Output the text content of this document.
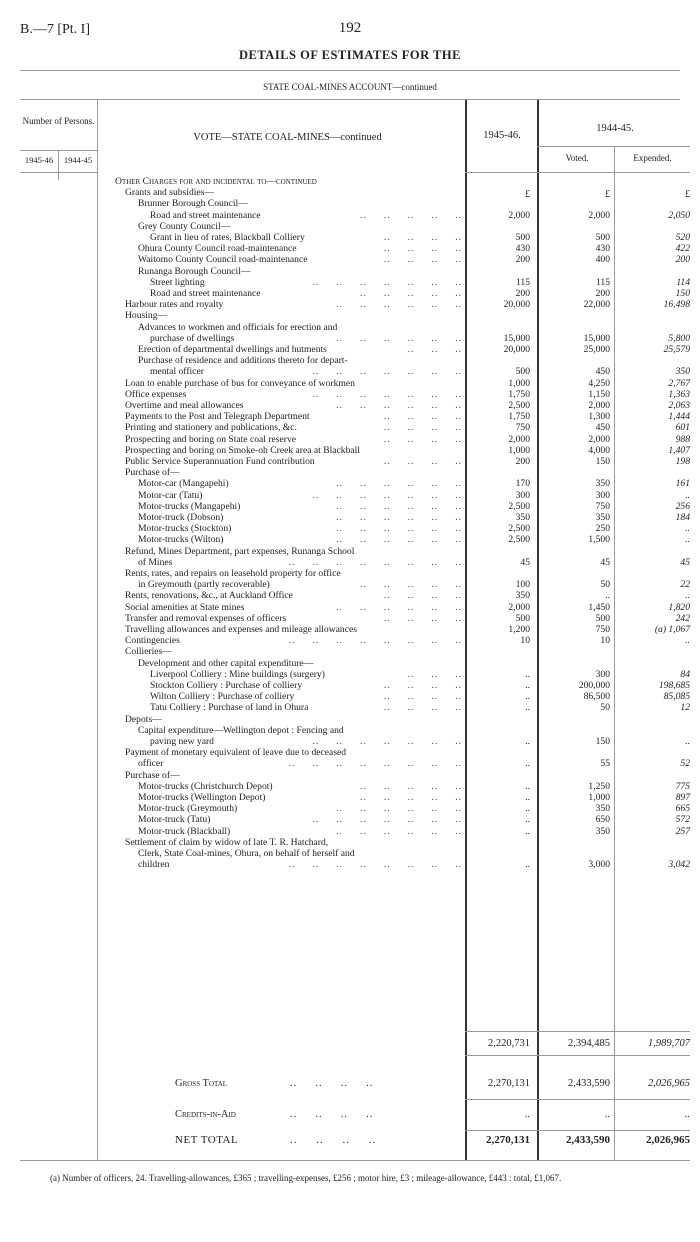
B.—7 [Pt. I]	192
DETAILS OF ESTIMATES FOR THE
STATE COAL-MINES ACCOUNT—continued
Number of Persons.
1945-46	1944-45
VOTE—STATE COAL-MINES—continued	1945-46.
1944-45.
Voted.	Expended.
£	£	£
Other Charges for and incidental to—continued
Grants and subsidies—
Brunner Borough Council—
Road and street maintenance	..     ..     ..     ..     ..	2,000	2,000	2,050
Grey County Council—
Grant in lieu of rates, Blackball Colliery	..     ..     ..     ..	500	500	520
Ohura County Council road-maintenance	..     ..     ..     ..	430	430	422
Waitomo County Council road-maintenance	..     ..     ..     ..	200	400	200
Runanga Borough Council—
Street lighting	..     ..     ..     ..     ..     ..     ..	115	115	114
Road and street maintenance	..     ..     ..     ..     ..	200	200	150
Harbour rates and royalty	..     ..     ..     ..     ..     ..	20,000	22,000	16,498
Housing—
Advances to workmen and officials for erection and
purchase of dwellings	..     ..     ..     ..     ..     ..	15,000	15,000	5,800
Erection of departmental dwellings and hutments	..     ..     ..	20,000	25,000	25,579
Purchase of residence and additions thereto for depart-
mental officer	..     ..     ..     ..     ..     ..     ..	500	450	350
Loan to enable purchase of bus for conveyance of workmen	1,000	4,250	2,767
Office expenses	..     ..     ..     ..     ..     ..     ..	1,750	1,150	1,363
Overtime and meal allowances	..     ..     ..     ..     ..     ..	2,500	2,000	2,063
Payments to the Post and Telegraph Department	..     ..     ..     ..	1,750	1,300	1,444
Printing and stationery and publications, &c.	..     ..     ..     ..	750	450	601
Prospecting and boring on State coal reserve	..     ..     ..     ..	2,000	2,000	988
Prospecting and boring on Smoke-oh Creek area at Blackball	1,000	4,000	1,407
Public Service Superannuation Fund contribution	..     ..     ..     ..	200	150	198
Purchase of—
Motor-car (Mangapehi)	..     ..     ..     ..     ..     ..	170	350	161
Motor-car (Tatu)	..     ..     ..     ..     ..     ..     ..	300	300	..
Motor-trucks (Mangapehi)	..     ..     ..     ..     ..     ..	2,500	750	256
Motor-truck (Dobson)	..     ..     ..     ..     ..     ..	350	350	184
Motor-trucks (Stockton)	..     ..     ..     ..     ..     ..	2,500	250	..
Motor-trucks (Wilton)	..     ..     ..     ..     ..     ..	2,500	1,500	..
Refund, Mines Department, part expenses, Runanga School
of Mines	..     ..     ..     ..     ..     ..     ..     ..	45	45	45
Rents, rates, and repairs on leasehold property for office
in Greymouth (partly recoverable)	..     ..     ..     ..     ..	100	50	22
Rents, renovations, &c., at Auckland Office	..     ..     ..     ..	350	..	..
Social amenities at State mines	..     ..     ..     ..     ..     ..	2,000	1,450	1,820
Transfer and removal expenses of officers	..     ..     ..     ..	500	500	242
Travelling allowances and expenses and mileage allowances	1,200	750	(a) 1,067
Contingencies	..     ..     ..     ..     ..     ..     ..     ..	10	10	..
Collieries—
Development and other capital expenditure—
Liverpool Colliery : Mine buildings (surgery)	..     ..     ..	..	300	84
Stockton Colliery : Purchase of colliery	..     ..     ..     ..	..	200,000	198,685
Wilton Colliery : Purchase of colliery	..     ..     ..     ..	..	86,500	85,085
Tatu Colliery : Purchase of land in Ohura	..     ..     ..     ..	..	50	12
Depots—
Capital expenditure—Wellington depot : Fencing and
paving new yard	..     ..     ..     ..     ..     ..     ..	..	150	..
Payment of monetary equivalent of leave due to deceased
officer	..     ..     ..     ..     ..     ..     ..     ..	..	55	52
Purchase of—
Motor-trucks (Christchurch Depot)	..     ..     ..     ..     ..	..	1,250	775
Motor-trucks (Wellington Depot)	..     ..     ..     ..     ..	..	1,000	897
Motor-truck (Greymouth)	..     ..     ..     ..     ..     ..	..	350	665
Motor-truck (Tatu)	..     ..     ..     ..     ..     ..     ..	..	650	572
Motor-truck (Blackball)	..     ..     ..     ..     ..     ..	..	350	257
Settlement of claim by widow of late T. R. Hatchard,
Clerk, State Coal-mines, Ohura, on behalf of herself and
children	..     ..     ..     ..     ..     ..     ..     ..	..	3,000	3,042
2,220,731	2,394,485	1,989,707
Gross Total	..     ..     ..     ..	2,270,131	2,433,590	2,026,965
Credits-in-Aid	..     ..     ..     ..	..	..	..
NET TOTAL	..     ..     ..     ..	2,270,131	2,433,590	2,026,965
(a) Number of officers, 24. Travelling-allowances, £365 ; travelling-expenses, £256 ; motor hire, £3 ; mileage-allowance, £443 : total, £1,067.
